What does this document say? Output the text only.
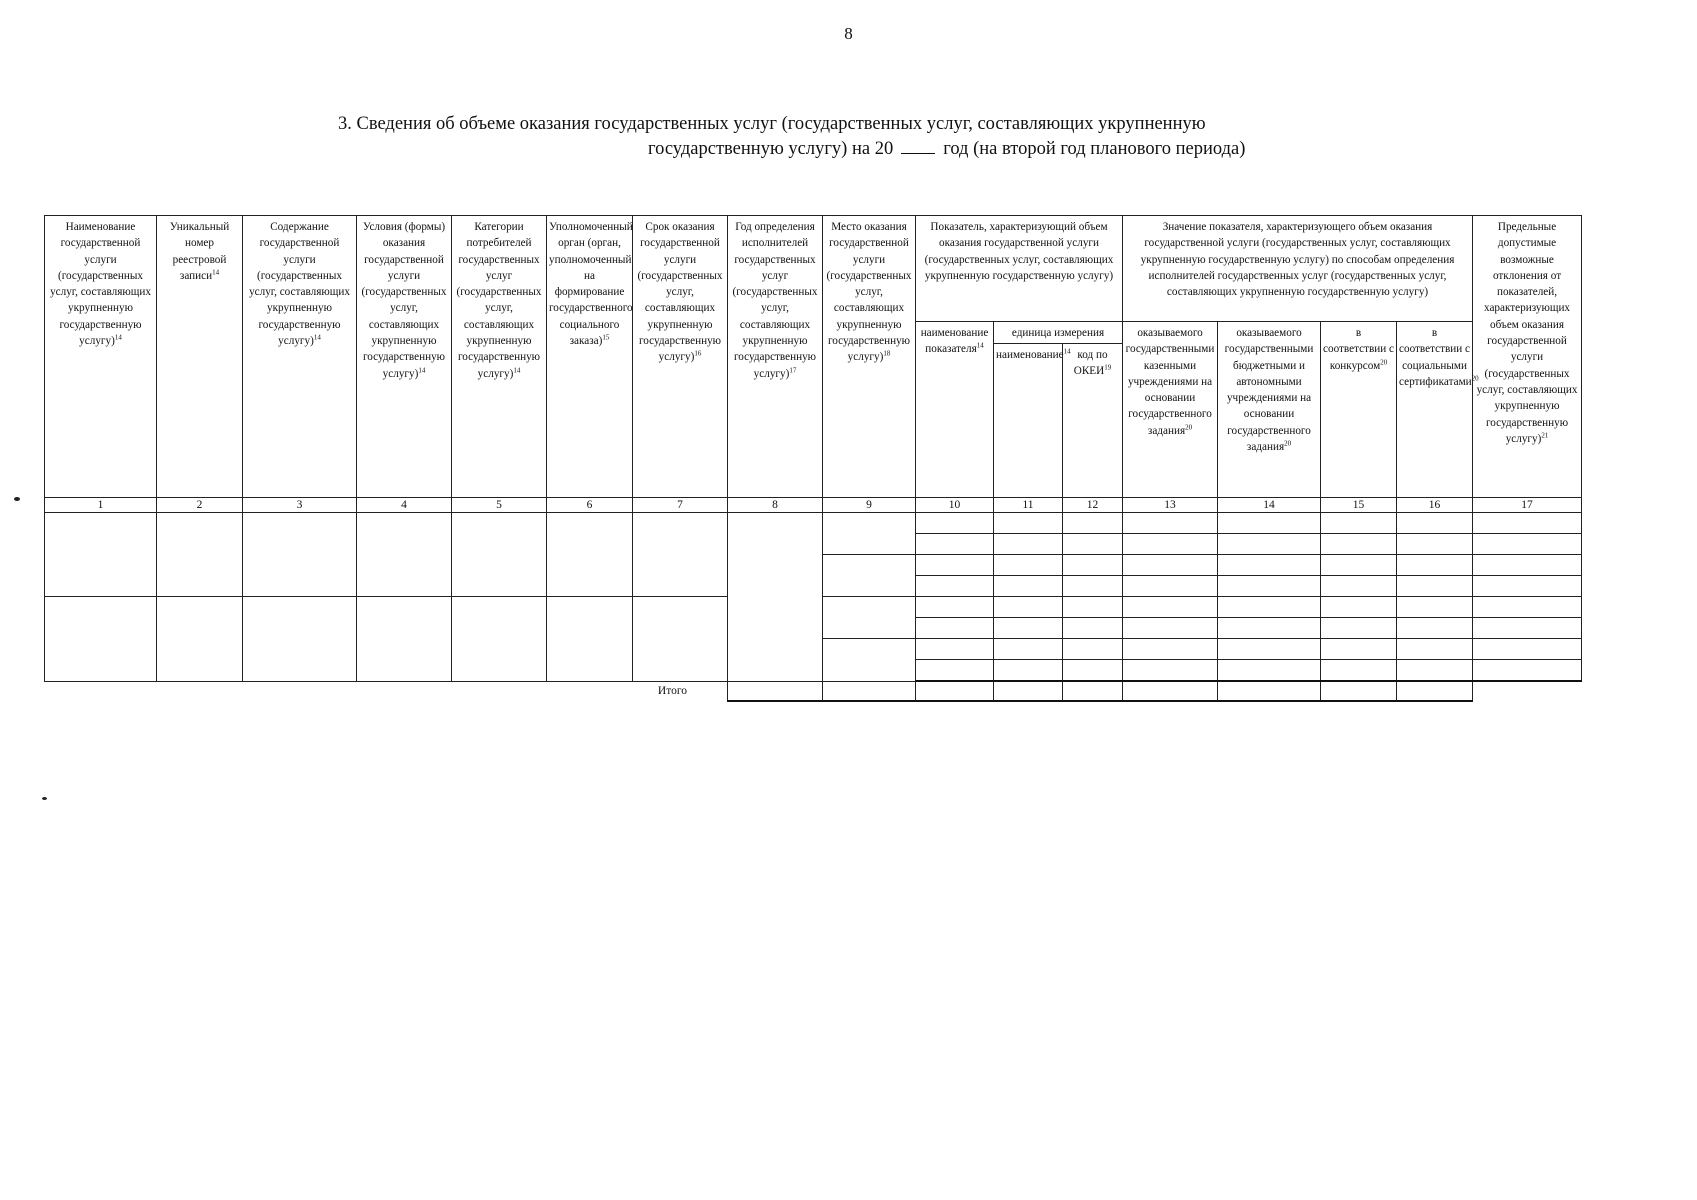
8
3. Сведения об объеме оказания государственных услуг (государственных услуг, составляющих укрупненную
государственную услугу) на 20	год (на второй год планового периода)
Наименование государственной услуги (государственных услуг, составляющих укрупненную государственную услугу)$^{14}$	Уникальный номер реестровой записи$^{14}$	Содержание государственной услуги (государственных услуг, составляющих укрупненную государственную услугу)$^{14}$	Условия (формы) оказания государственной услуги (государственных услуг, составляющих укрупненную государственную услугу)$^{14}$	Категории потребителей государственных услуг (государственных услуг, составляющих укрупненную государственную услугу)$^{14}$	Уполномоченный орган (орган, уполномоченный на формирование государственного социального заказа)$^{15}$	Срок оказания государственной услуги (государственных услуг, составляющих укрупненную государственную услугу)$^{16}$	Год определения исполнителей государственных услуг (государственных услуг, составляющих укрупненную государственную услугу)$^{17}$	Место оказания государственной услуги (государственных услуг, составляющих укрупненную государственную услугу)$^{18}$	Показатель, характеризующий объем оказания государственной услуги (государственных услуг, составляющих укрупненную государственную услугу)			Значение показателя, характеризующего объем оказания государственной услуги (государственных услуг, составляющих укрупненную государственную услугу) по способам определения исполнителей государственных услуг (государственных услуг, составляющих укрупненную государственную услугу)				Предельные допустимые возможные отклонения от показателей, характеризующих объем оказания государственной услуги (государственных услуг, составляющих укрупненную государственную услугу)$^{21}$
									наименование показателя$^{14}$	единица измерения		оказываемого государственными казенными учреждениями на основании государственного задания$^{20}$	оказываемого государственными бюджетными и автономными учреждениями на основании государственного задания$^{20}$	в соответствии с конкурсом$^{20}$	в соответствии с социальными сертификатами$^{20}$
										наименование$^{14}$	код по ОКЕИ$^{19}$

1	2	3	4	5	6	7	8	9	10	11	12	13	14	15	16	17

Итого																
